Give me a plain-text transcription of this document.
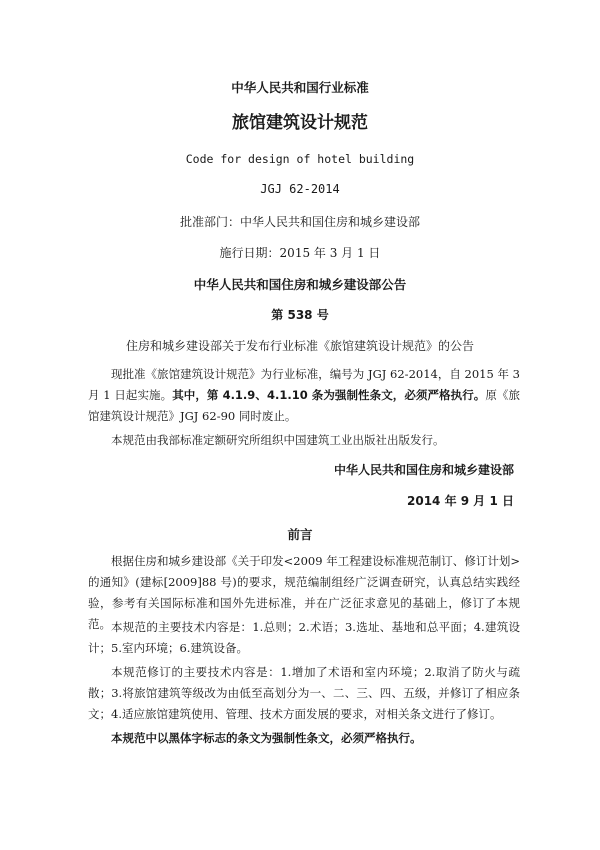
中华人民共和国行业标准
旅馆建筑设计规范
Code for design of hotel building
JGJ 62-2014
批准部门：中华人民共和国住房和城乡建设部
施行日期：2015 年 3 月 1 日
中华人民共和国住房和城乡建设部公告
第 538 号
住房和城乡建设部关于发布行业标准《旅馆建筑设计规范》的公告
现批准《旅馆建筑设计规范》为行业标准，编号为 JGJ 62-2014，自 2015 年 3 月 1 日起实施。其中，第 4.1.9、4.1.10 条为强制性条文，必须严格执行。原《旅馆建筑设计规范》JGJ 62-90 同时废止。
本规范由我部标准定额研究所组织中国建筑工业出版社出版发行。
中华人民共和国住房和城乡建设部
2014 年 9 月 1 日
前言
根据住房和城乡建设部《关于印发<2009 年工程建设标准规范制订、修订计划>的通知》(建标[2009]88 号)的要求，规范编制组经广泛调查研究，认真总结实践经验，参考有关国际标准和国外先进标准，并在广泛征求意见的基础上，修订了本规范。 本规范的主要技术内容是：1.总则；2.术语；3.选址、基地和总平面；4.建筑设计；5.室内环境；6.建筑设备。
本规范修订的主要技术内容是：1.增加了术语和室内环境；2.取消了防火与疏散；3.将旅馆建筑等级改为由低至高划分为一、二、三、四、五级，并修订了相应条文；4.适应旅馆建筑使用、管理、技术方面发展的要求，对相关条文进行了修订。
本规范中以黑体字标志的条文为强制性条文，必须严格执行。
